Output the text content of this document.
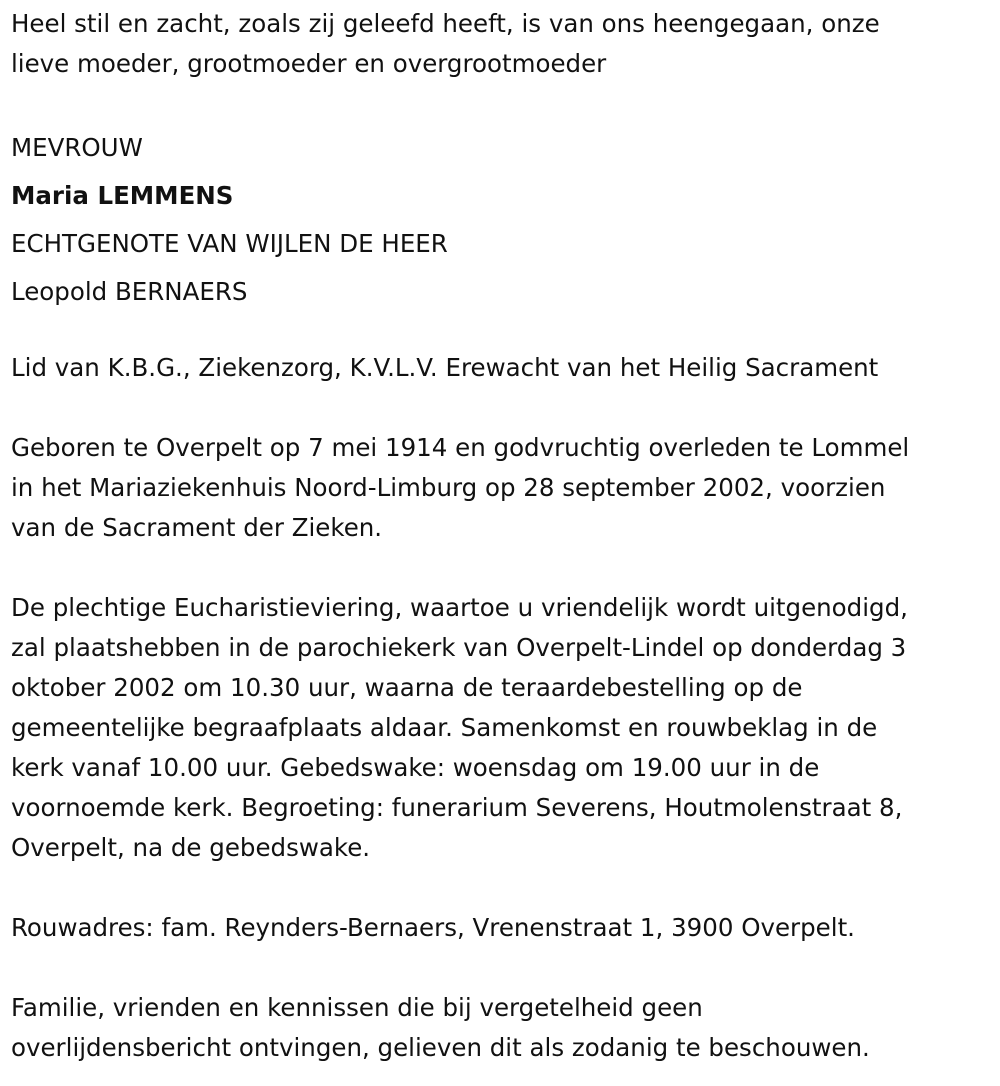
Heel stil en zacht, zoals zij geleefd heeft, is van ons heengegaan, onze

lieve moeder, grootmoeder en overgrootmoeder

MEVROUW

Maria LEMMENS

ECHTGENOTE VAN WIJLEN DE HEER

Leopold BERNAERS

Lid van K.B.G., Ziekenzorg, K.V.L.V. Erewacht van het Heilig Sacrament

Geboren te Overpelt op 7 mei 1914 en godvruchtig overleden te Lommel

in het Mariaziekenhuis Noord-Limburg op 28 september 2002, voorzien

van de Sacrament der Zieken.

De plechtige Eucharistieviering, waartoe u vriendelijk wordt uitgenodigd,

zal plaatshebben in de parochiekerk van Overpelt-Lindel op donderdag 3

oktober 2002 om 10.30 uur, waarna de teraardebestelling op de

gemeentelijke begraafplaats aldaar. Samenkomst en rouwbeklag in de

kerk vanaf 10.00 uur. Gebedswake: woensdag om 19.00 uur in de

voornoemde kerk. Begroeting: funerarium Severens, Houtmolenstraat 8,

Overpelt, na de gebedswake.

Rouwadres: fam. Reynders-Bernaers, Vrenenstraat 1, 3900 Overpelt.

Familie, vrienden en kennissen die bij vergetelheid geen

overlijdensbericht ontvingen, gelieven dit als zodanig te beschouwen.
